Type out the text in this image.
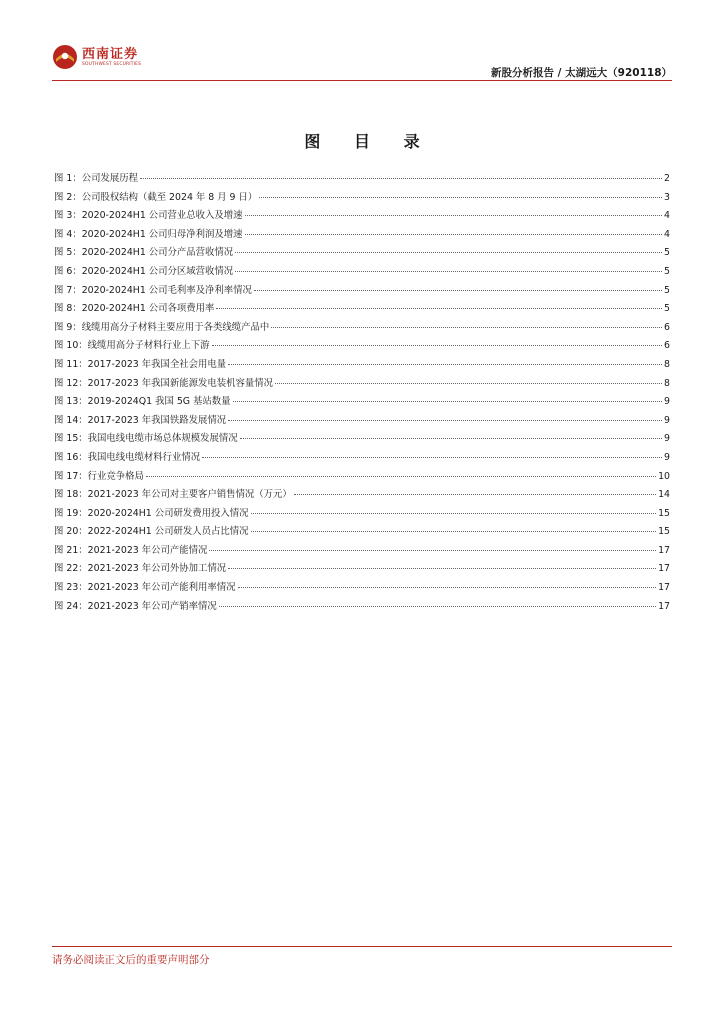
西南证券
SOUTHWEST SECURITIES
新股分析报告 / 太湖远大（920118）
图 目 录
图 1：公司发展历程	2
图 2：公司股权结构（截至 2024 年 8 月 9 日）	3
图 3：2020-2024H1 公司营业总收入及增速	4
图 4：2020-2024H1 公司归母净利润及增速	4
图 5：2020-2024H1 公司分产品营收情况	5
图 6：2020-2024H1 公司分区域营收情况	5
图 7：2020-2024H1 公司毛利率及净利率情况	5
图 8：2020-2024H1 公司各项费用率	5
图 9：线缆用高分子材料主要应用于各类线缆产品中	6
图 10：线缆用高分子材料行业上下游	6
图 11：2017-2023 年我国全社会用电量	8
图 12：2017-2023 年我国新能源发电装机容量情况	8
图 13：2019-2024Q1 我国 5G 基站数量	9
图 14：2017-2023 年我国铁路发展情况	9
图 15：我国电线电缆市场总体规模发展情况	9
图 16：我国电线电缆材料行业情况	9
图 17：行业竞争格局	10
图 18：2021-2023 年公司对主要客户销售情况（万元）	14
图 19：2020-2024H1 公司研发费用投入情况	15
图 20：2022-2024H1 公司研发人员占比情况	15
图 21：2021-2023 年公司产能情况	17
图 22：2021-2023 年公司外协加工情况	17
图 23：2021-2023 年公司产能利用率情况	17
图 24：2021-2023 年公司产销率情况	17
请务必阅读正文后的重要声明部分
